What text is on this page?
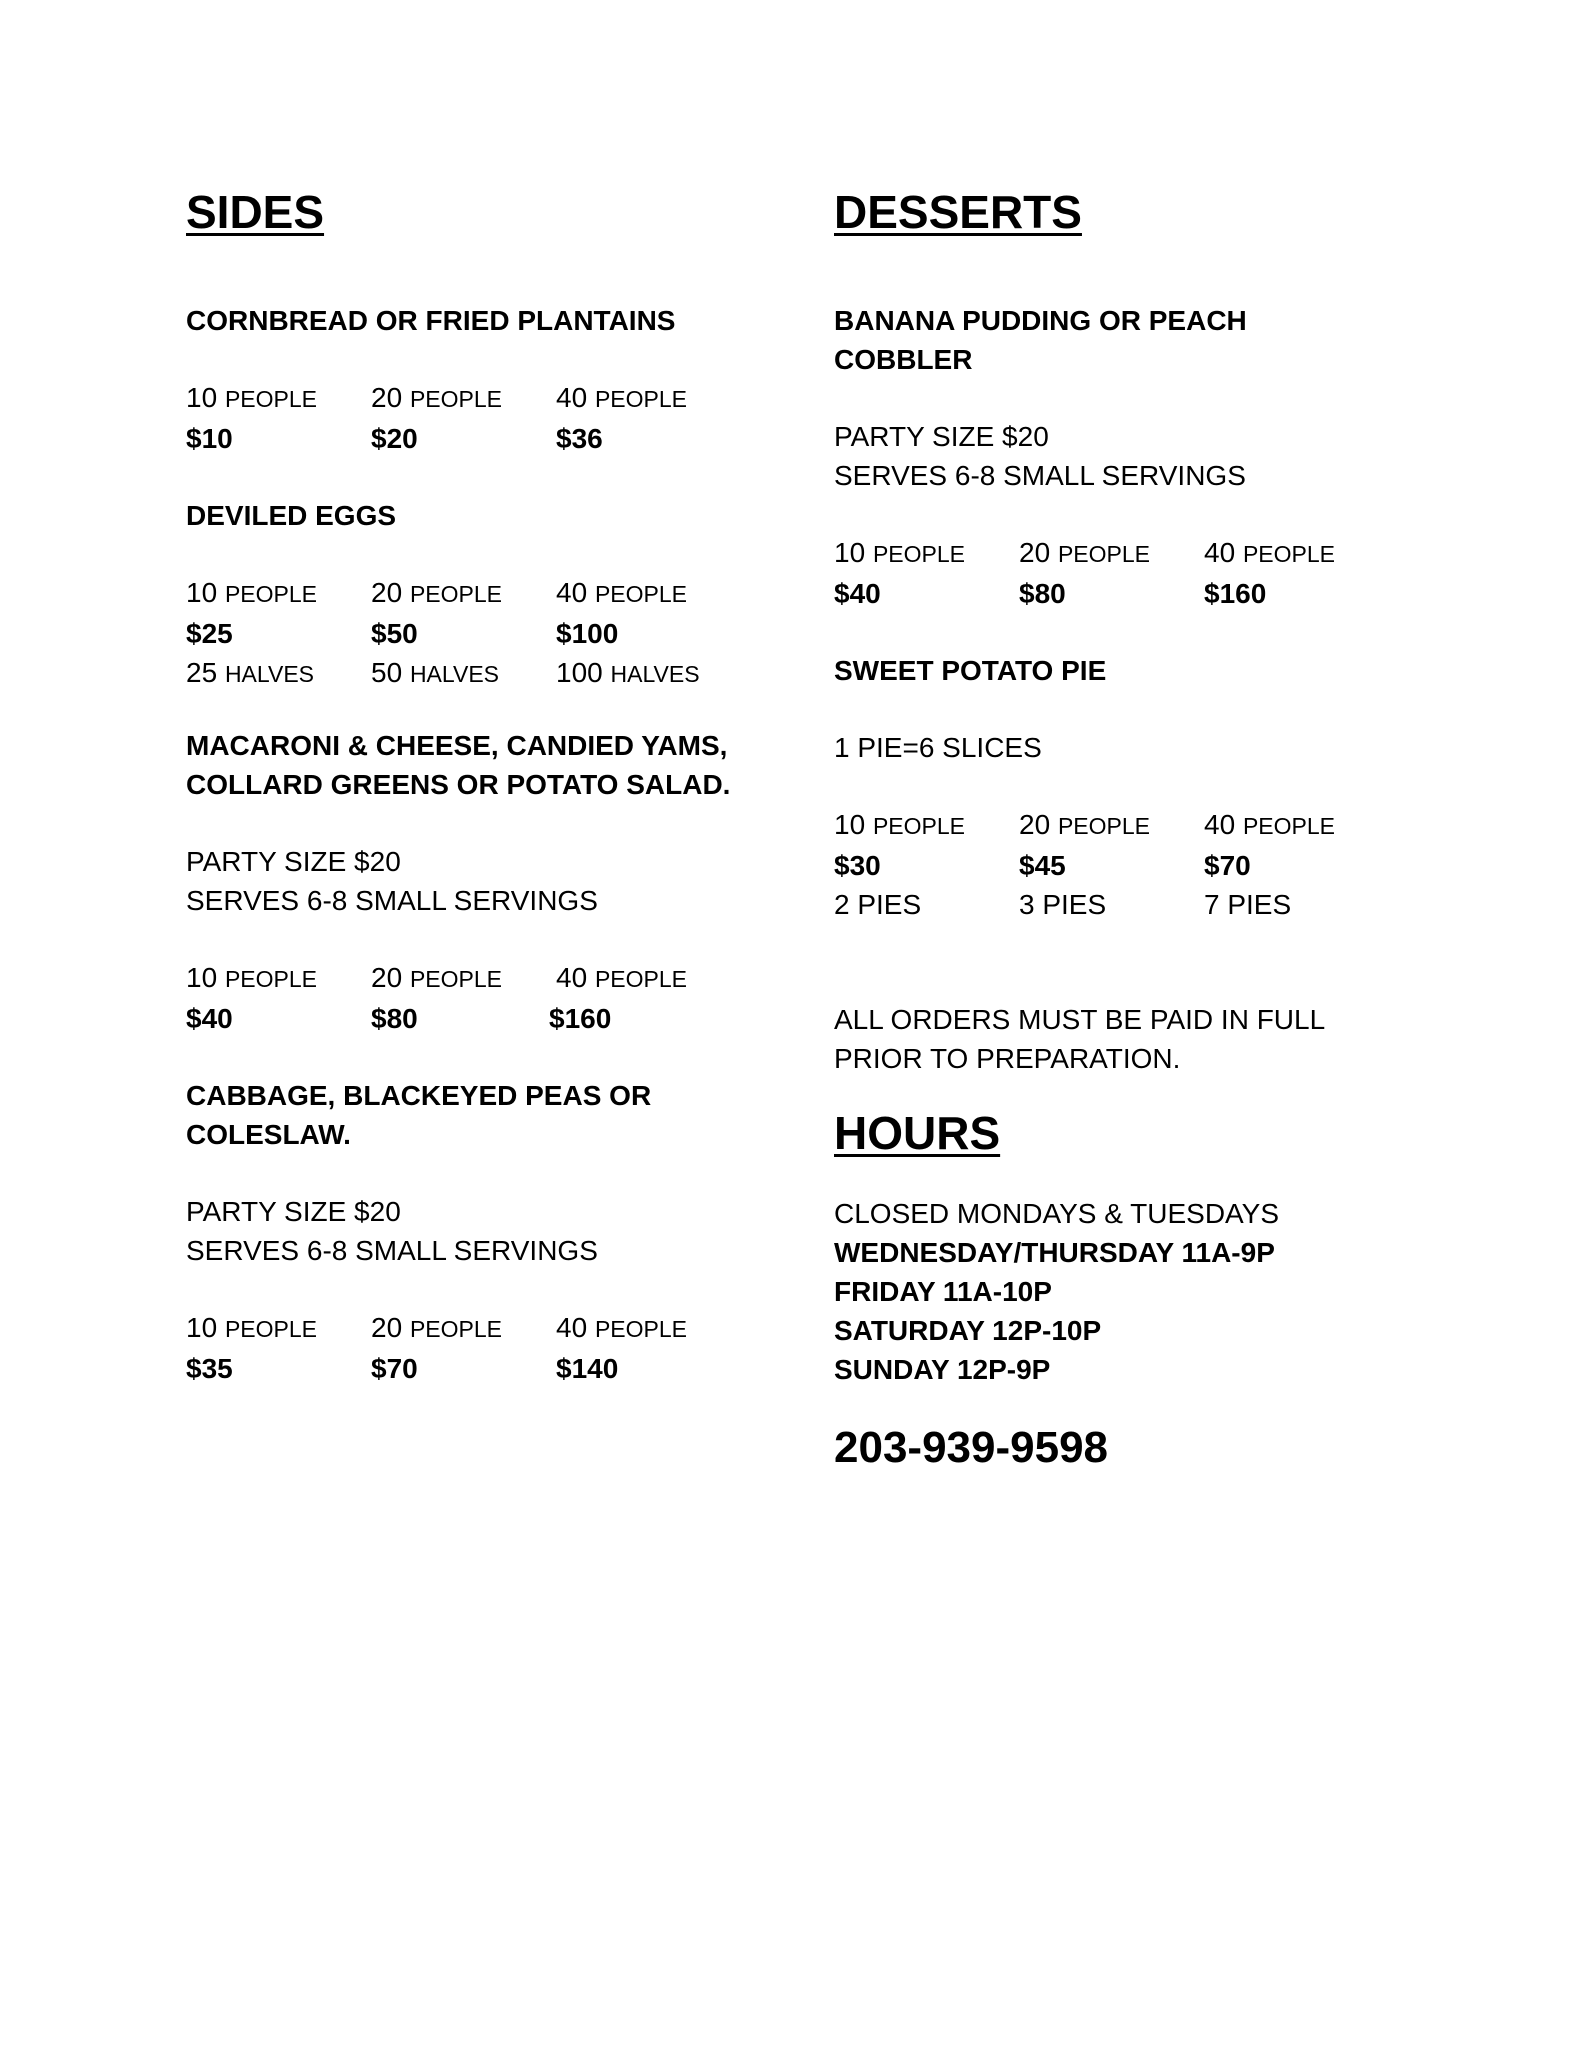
SIDES
CORNBREAD OR FRIED PLANTAINS
10 PEOPLE	20 PEOPLE	40 PEOPLE
$10	$20	$36
DEVILED EGGS
10 PEOPLE	20 PEOPLE	40 PEOPLE
$25	$50	$100
25 HALVES	50 HALVES	100 HALVES
MACARONI & CHEESE, CANDIED YAMS,
COLLARD GREENS OR POTATO SALAD.
PARTY SIZE $20
SERVES 6-8 SMALL SERVINGS
10 PEOPLE	20 PEOPLE	40 PEOPLE
$40	$80	$160
CABBAGE, BLACKEYED PEAS OR
COLESLAW.
PARTY SIZE $20
SERVES 6-8 SMALL SERVINGS
10 PEOPLE	20 PEOPLE	40 PEOPLE
$35	$70	$140
DESSERTS
BANANA PUDDING OR PEACH
COBBLER
PARTY SIZE $20
SERVES 6-8 SMALL SERVINGS
10 PEOPLE	20 PEOPLE	40 PEOPLE
$40	$80	$160
SWEET POTATO PIE
1 PIE=6 SLICES
10 PEOPLE	20 PEOPLE	40 PEOPLE
$30	$45	$70
2 PIES	3 PIES	7 PIES
ALL ORDERS MUST BE PAID IN FULL
PRIOR TO PREPARATION.
HOURS
CLOSED MONDAYS & TUESDAYS
WEDNESDAY/THURSDAY 11A-9P
FRIDAY 11A-10P
SATURDAY 12P-10P
SUNDAY 12P-9P
203-939-9598
